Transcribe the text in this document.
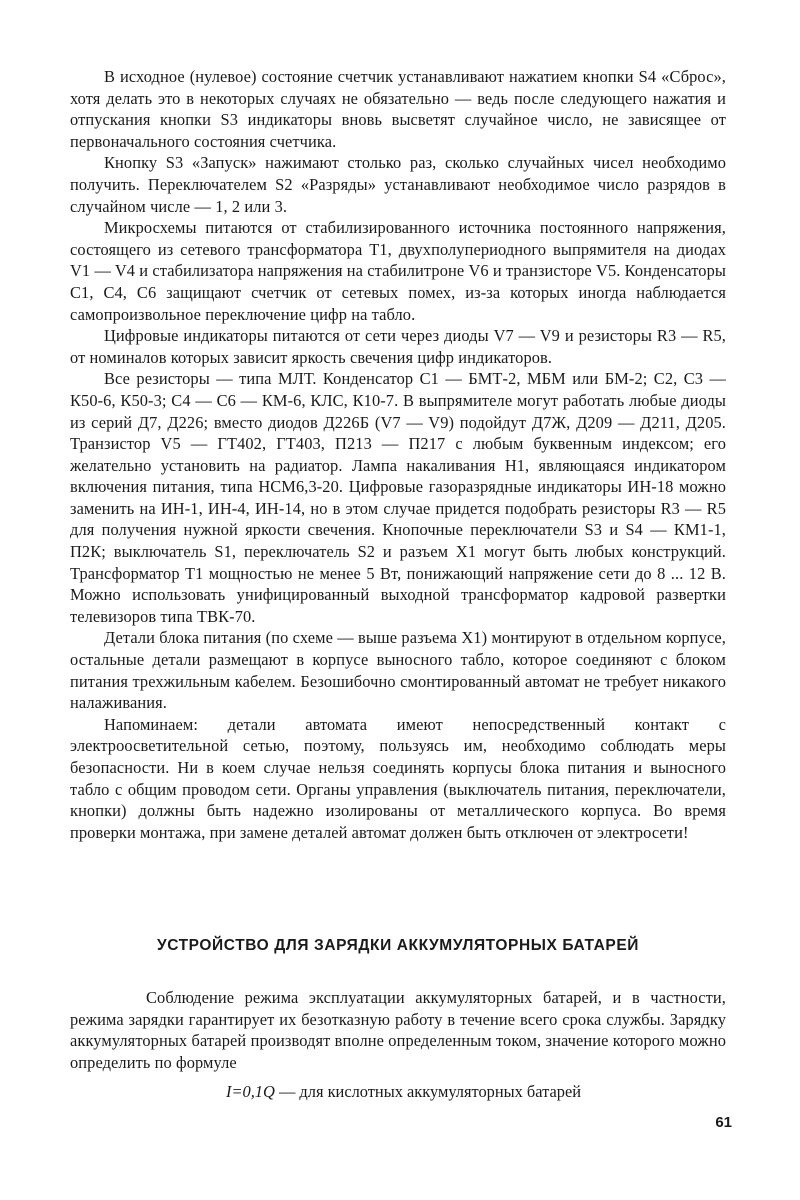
В исходное (нулевое) состояние счетчик устанавливают нажатием кнопки S4 «Сброс», хотя делать это в некоторых случаях не обязательно — ведь после следующего нажатия и отпускания кнопки S3 индикаторы вновь высветят случайное число, не зависящее от первоначального состояния счетчика.

Кнопку S3 «Запуск» нажимают столько раз, сколько случайных чисел необходимо получить. Переключателем S2 «Разряды» устанавливают необходимое число разрядов в случайном числе — 1, 2 или 3.

Микросхемы питаются от стабилизированного источника постоянного напряжения, состоящего из сетевого трансформатора T1, двухполупериодного выпрямителя на диодах V1 — V4 и стабилизатора напряжения на стабилитроне V6 и транзисторе V5. Конденсаторы C1, C4, C6 защищают счетчик от сетевых помех, из-за которых иногда наблюдается самопроизвольное переключение цифр на табло.

Цифровые индикаторы питаются от сети через диоды V7 — V9 и резисторы R3 — R5, от номиналов которых зависит яркость свечения цифр индикаторов.

Все резисторы — типа МЛТ. Конденсатор C1 — БМТ-2, МБМ или БМ-2; C2, C3 — К50-6, К50-3; C4 — C6 — КМ-6, КЛС, К10-7. В выпрямителе могут работать любые диоды из серий Д7, Д226; вместо диодов Д226Б (V7 — V9) подойдут Д7Ж, Д209 — Д211, Д205. Транзистор V5 — ГТ402, ГТ403, П213 — П217 с любым буквенным индексом; его желательно установить на радиатор. Лампа накаливания H1, являющаяся индикатором включения питания, типа НСМ6,3-20. Цифровые газоразрядные индикаторы ИН-18 можно заменить на ИН-1, ИН-4, ИН-14, но в этом случае придется подобрать резисторы R3 — R5 для получения нужной яркости свечения. Кнопочные переключатели S3 и S4 — КМ1-1, П2К; выключатель S1, переключатель S2 и разъем X1 могут быть любых конструкций. Трансформатор T1 мощностью не менее 5 Вт, понижающий напряжение сети до 8 ... 12 В. Можно использовать унифицированный выходной трансформатор кадровой развертки телевизоров типа ТВК-70.

Детали блока питания (по схеме — выше разъема X1) монтируют в отдельном корпусе, остальные детали размещают в корпусе выносного табло, которое соединяют с блоком питания трехжильным кабелем. Безошибочно смонтированный автомат не требует никакого налаживания.

Напоминаем: детали автомата имеют непосредственный контакт с электроосветительной сетью, поэтому, пользуясь им, необходимо соблюдать меры безопасности. Ни в коем случае нельзя соединять корпусы блока питания и выносного табло с общим проводом сети. Органы управления (выключатель питания, переключатели, кнопки) должны быть надежно изолированы от металлического корпуса. Во время проверки монтажа, при замене деталей автомат должен быть отключен от электросети!

УСТРОЙСТВО ДЛЯ ЗАРЯДКИ АККУМУЛЯТОРНЫХ БАТАРЕЙ

Соблюдение режима эксплуатации аккумуляторных батарей, и в частности, режима зарядки гарантирует их безотказную работу в течение всего срока службы. Зарядку аккумуляторных батарей производят вполне определенным током, значение которого можно определить по формуле

I=0,1Q — для кислотных аккумуляторных батарей

61
